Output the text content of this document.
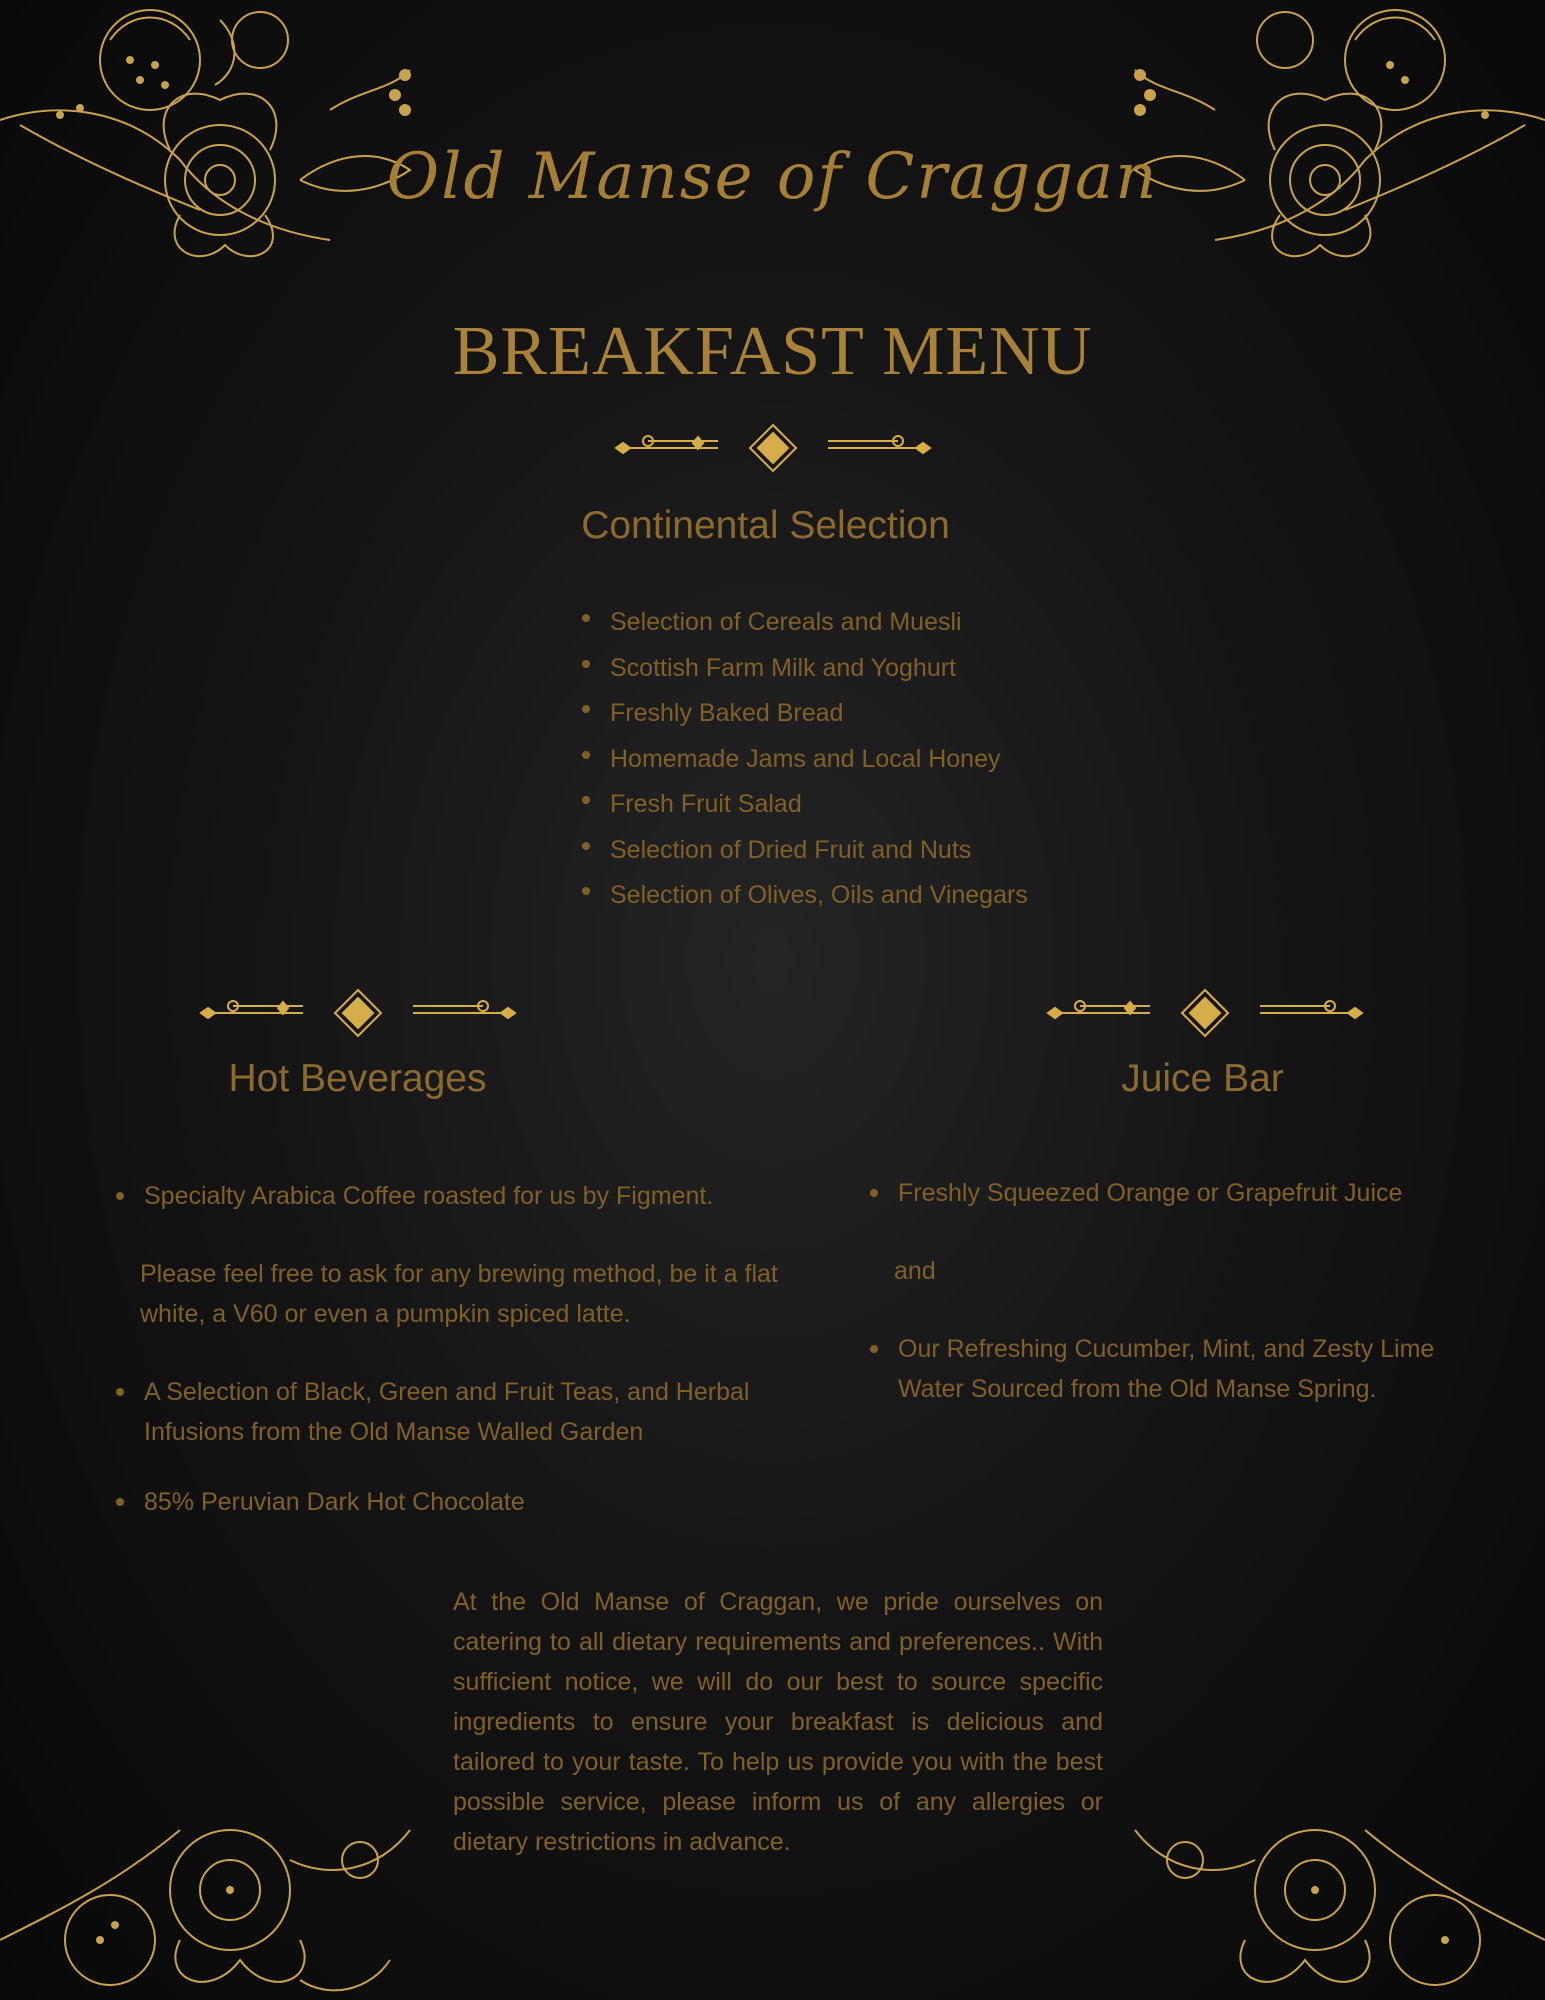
Old Manse of Craggan
BREAKFAST MENU
Continental Selection
Selection of Cereals and Muesli
Scottish Farm Milk and Yoghurt
Freshly Baked Bread
Homemade Jams and Local Honey
Fresh Fruit Salad
Selection of Dried Fruit and Nuts
Selection of Olives, Oils and Vinegars
Hot Beverages
Specialty Arabica Coffee roasted for us by Figment.
Please feel free to ask for any brewing method, be it a flat white, a V60 or even a pumpkin spiced latte.
A Selection of Black, Green and Fruit Teas, and Herbal Infusions from the Old Manse Walled Garden
85% Peruvian Dark Hot Chocolate
Juice Bar
Freshly Squeezed Orange or Grapefruit Juice
and
Our Refreshing Cucumber, Mint, and Zesty Lime Water Sourced from the Old Manse Spring.
At the Old Manse of Craggan, we pride ourselves on catering to all dietary requirements and preferences.. With sufficient notice, we will do our best to source specific ingredients to ensure your breakfast is delicious and tailored to your taste. To help us provide you with the best possible service, please inform us of any allergies or dietary restrictions in advance.
